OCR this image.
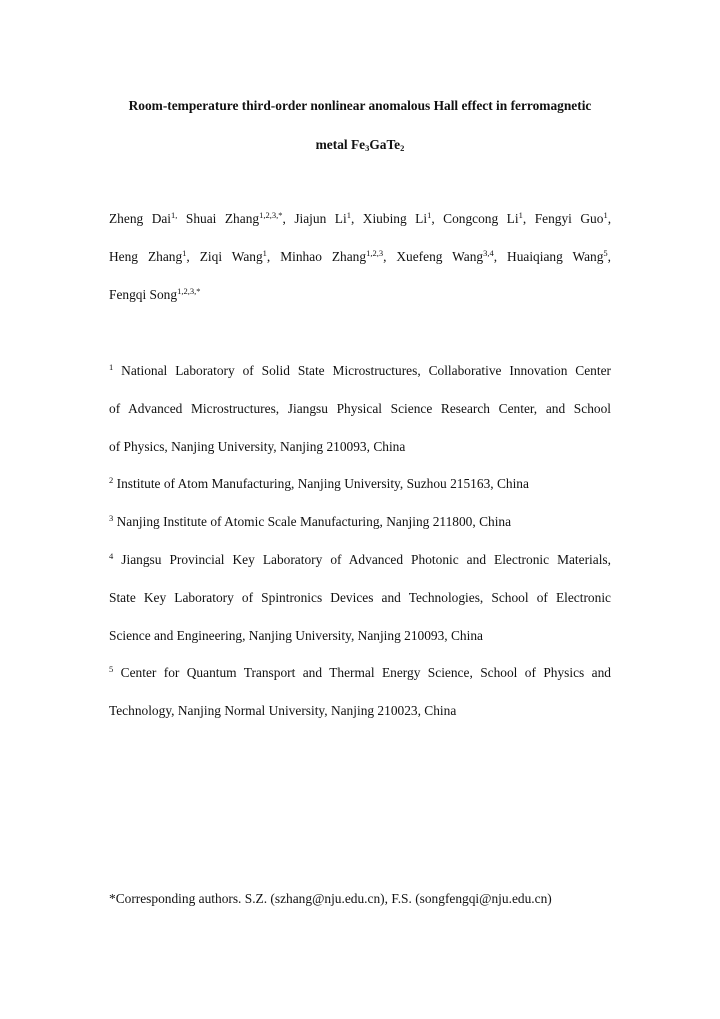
Room-temperature third-order nonlinear anomalous Hall effect in ferromagnetic
metal $Fe_3GaTe_2$
Zheng Dai$^{1,}$ Shuai Zhang$^{1,2,3,*}$, Jiajun Li$^1$, Xiubing Li$^1$, Congcong Li$^1$, Fengyi Guo$^1$,
Heng Zhang$^1$, Ziqi Wang$^1$, Minhao Zhang$^{1,2,3}$, Xuefeng Wang$^{3,4}$, Huaiqiang Wang$^5$,
Fengqi Song$^{1,2,3,*}$
$^1$ National Laboratory of Solid State Microstructures, Collaborative Innovation Center
of Advanced Microstructures, Jiangsu Physical Science Research Center, and School
of Physics, Nanjing University, Nanjing 210093, China
$^2$ Institute of Atom Manufacturing, Nanjing University, Suzhou 215163, China
$^3$ Nanjing Institute of Atomic Scale Manufacturing, Nanjing 211800, China
$^4$ Jiangsu Provincial Key Laboratory of Advanced Photonic and Electronic Materials,
State Key Laboratory of Spintronics Devices and Technologies, School of Electronic
Science and Engineering, Nanjing University, Nanjing 210093, China
$^5$ Center for Quantum Transport and Thermal Energy Science, School of Physics and
Technology, Nanjing Normal University, Nanjing 210023, China
*Corresponding authors. S.Z. (szhang@nju.edu.cn), F.S. (songfengqi@nju.edu.cn)
